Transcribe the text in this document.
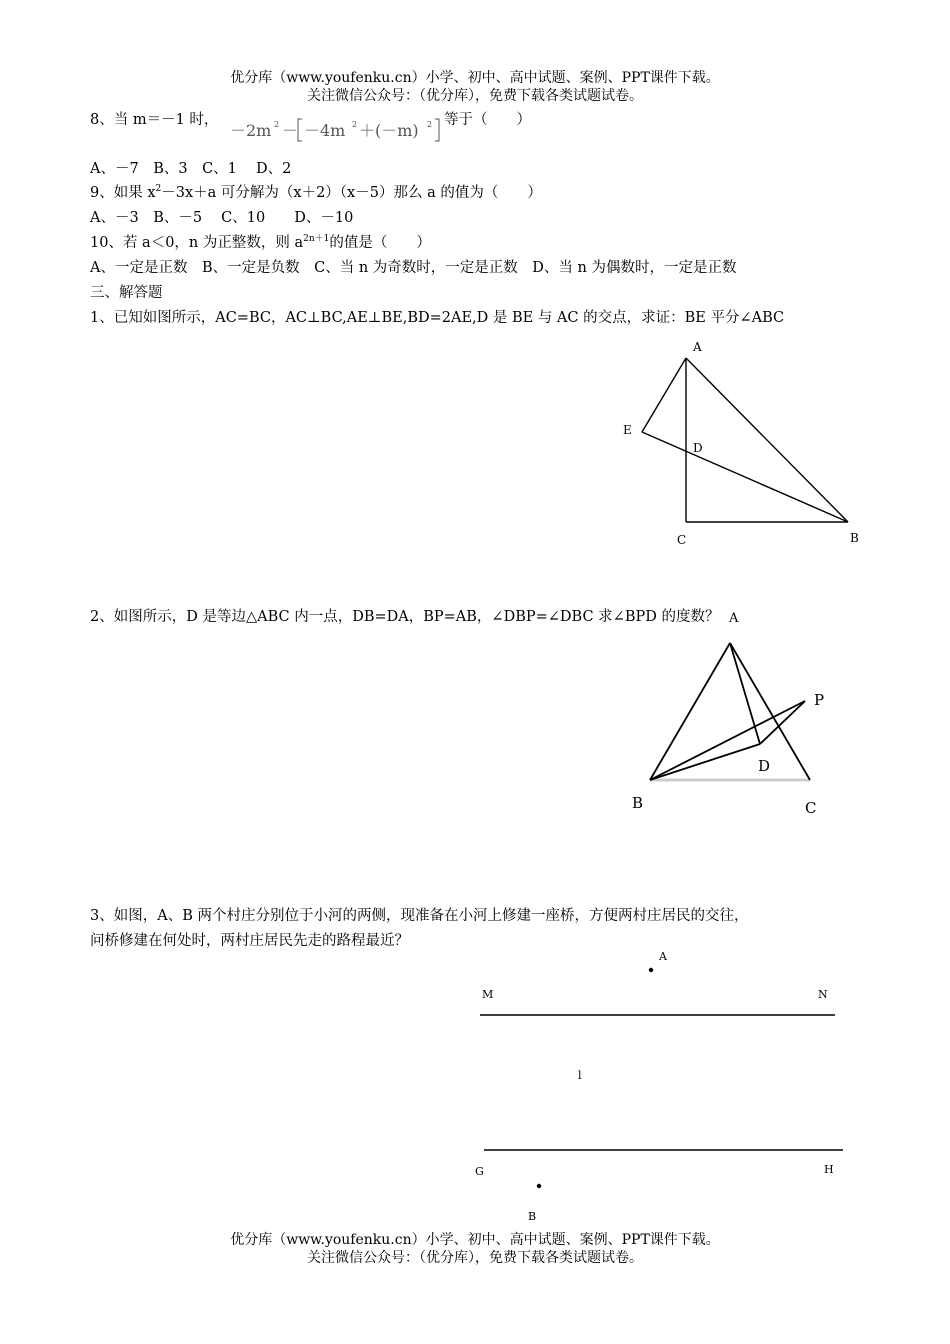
优分库（www.youfenku.cn）小学、初中、高中试题、案例、PPT课件下载。
关注微信公众号：（优分库），免费下载各类试题试卷。
8、当 m＝－1 时，
－2m 2 － －4m 2 ＋ (－m) 2 等于（　　）
A、－7　B、3　C、1　 D、2
9、如果 $x^2-3x+a$ 可分解为（x＋2）（x－5）那么 a 的值为（　　）
A、－3　B、－5　 C、10　　D、－10
10、若 a＜0，n 为正整数，则 $a^{2n+1}$的值是（　　）
A、一定是正数　B、一定是负数　C、当 n 为奇数时，一定是正数　D、当 n 为偶数时，一定是正数
三、解答题
1、已知如图所示，AC=BC，AC⊥BC,AE⊥BE,BD=2AE,D 是 BE 与 AC 的交点，求证：BE 平分∠ABC
A
E
D
C	B
A
P
D
B	C
A
M	N
l
G	H
B
2、如图所示，D 是等边△ABC 内一点，DB=DA，BP=AB，∠DBP=∠DBC 求∠BPD 的度数？
3、如图，A、B 两个村庄分别位于小河的两侧，现准备在小河上修建一座桥，方便两村庄居民的交往，
问桥修建在何处时，两村庄居民先走的路程最近？
优分库（www.youfenku.cn）小学、初中、高中试题、案例、PPT课件下载。
关注微信公众号：（优分库），免费下载各类试题试卷。
